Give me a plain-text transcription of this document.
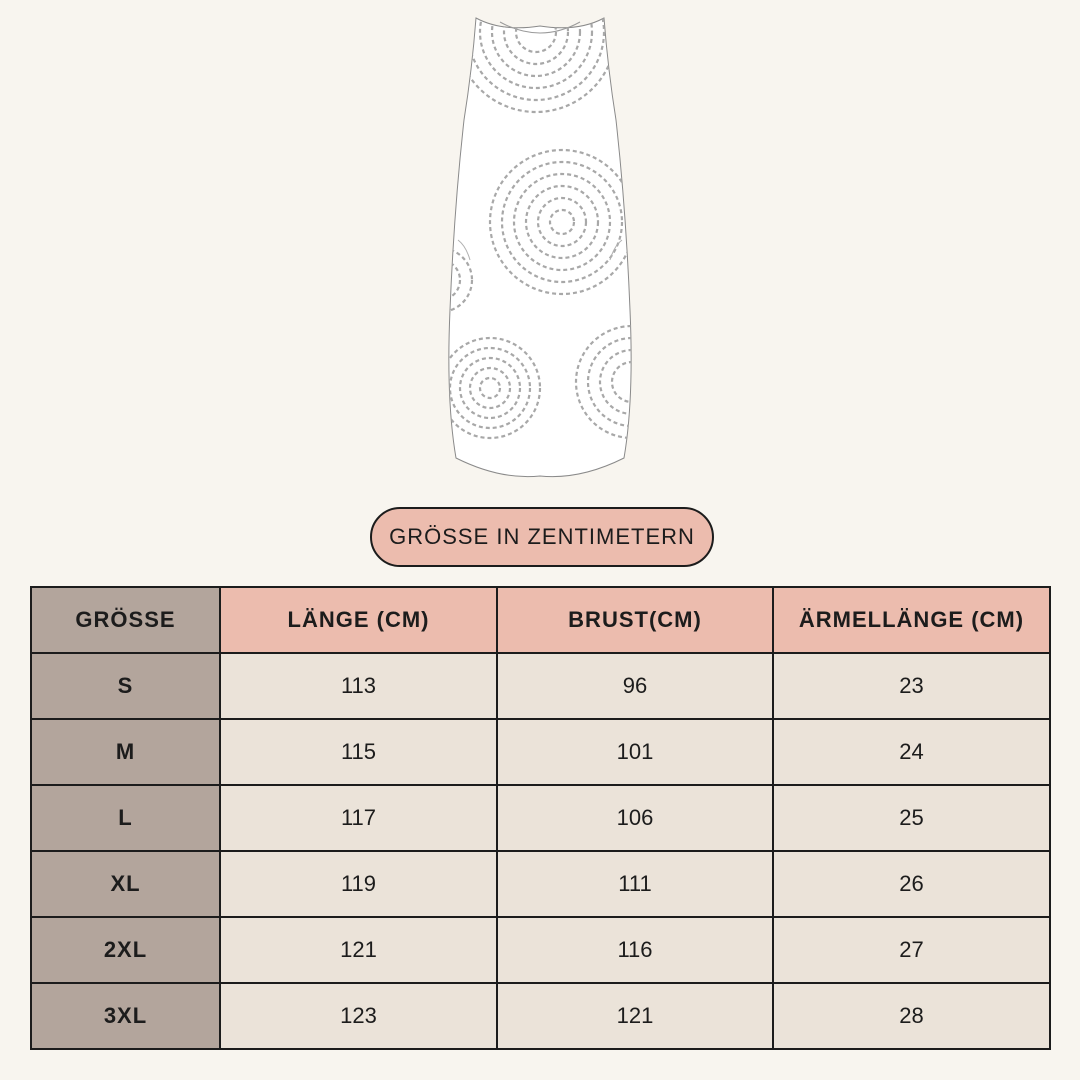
GRÖSSE IN ZENTIMETERN
GRÖSSE	LÄNGE (CM)	BRUST(CM)	ÄRMELLÄNGE (CM)
S	113	96	23
M	115	101	24
L	117	106	25
XL	119	111	26
2XL	121	116	27
3XL	123	121	28
